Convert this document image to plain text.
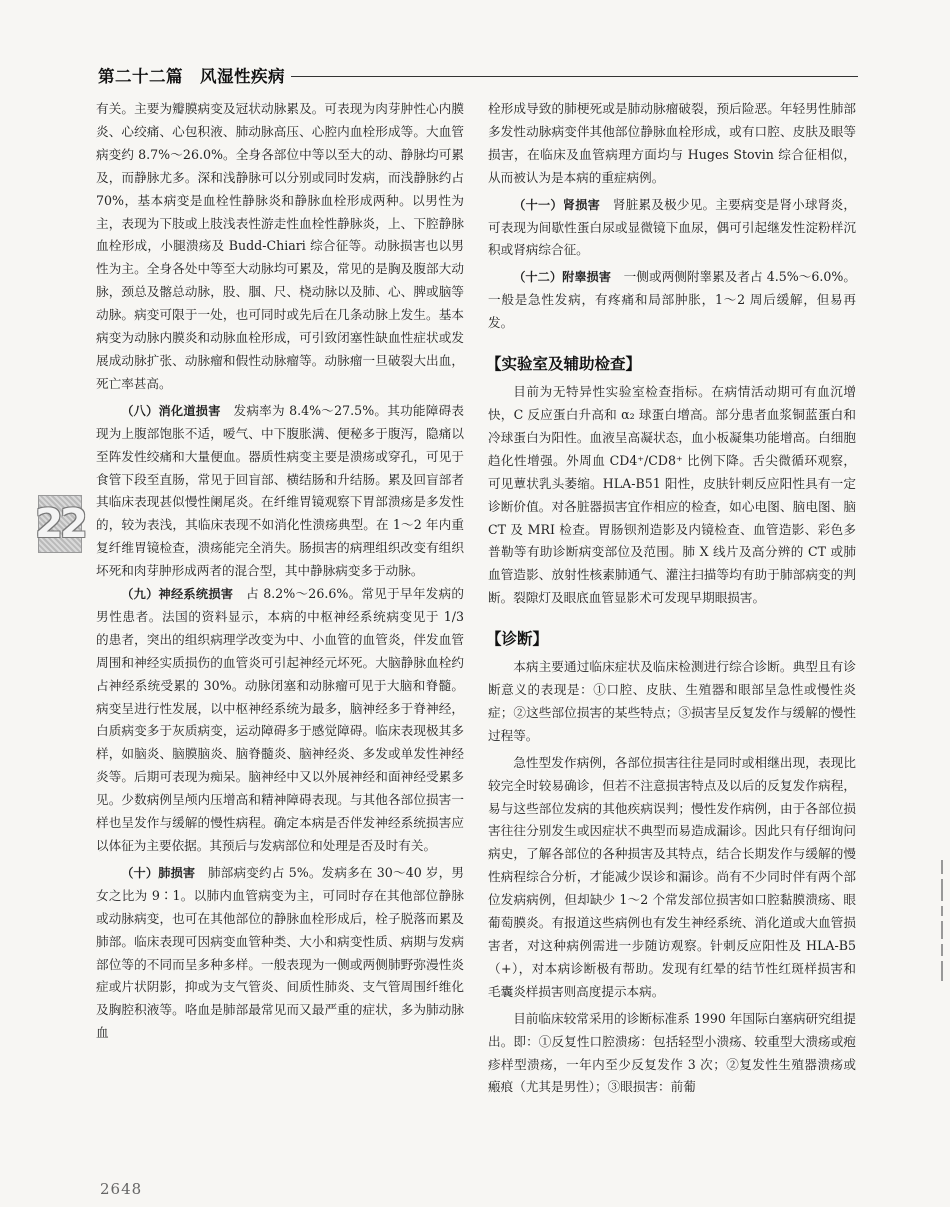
第二十二篇　风湿性疾病
22

有关。主要为瓣膜病变及冠状动脉累及。可表现为肉芽肿性心内膜炎、心绞痛、心包积液、肺动脉高压、心腔内血栓形成等。大血管病变约 8.7%～26.0%。全身各部位中等以至大的动、静脉均可累及，而静脉尤多。深和浅静脉可以分别或同时发病，而浅静脉约占 70%，基本病变是血栓性静脉炎和静脉血栓形成两种。以男性为主，表现为下肢或上肢浅表性游走性血栓性静脉炎，上、下腔静脉血栓形成，小腿溃疡及 Budd-Chiari 综合征等。动脉损害也以男性为主。全身各处中等至大动脉均可累及，常见的是胸及腹部大动脉，颈总及髂总动脉，股、腘、尺、桡动脉以及肺、心、脾或脑等动脉。病变可限于一处，也可同时或先后在几条动脉上发生。基本病变为动脉内膜炎和动脉血栓形成，可引致闭塞性缺血性症状或发展成动脉扩张、动脉瘤和假性动脉瘤等。动脉瘤一旦破裂大出血，死亡率甚高。

（八）消化道损害　 发病率为 8.4%～27.5%。其功能障碍表现为上腹部饱胀不适，嗳气、中下腹胀满、便秘多于腹泻，隐痛以至阵发性绞痛和大量便血。器质性病变主要是溃疡或穿孔，可见于食管下段至直肠，常见于回盲部、横结肠和升结肠。累及回盲部者其临床表现甚似慢性阑尾炎。在纤维胃镜观察下胃部溃疡是多发性的，较为表浅，其临床表现不如消化性溃疡典型。在 1～2 年内重复纤维胃镜检查，溃疡能完全消失。肠损害的病理组织改变有组织坏死和肉芽肿形成两者的混合型，其中静脉病变多于动脉。

（九）神经系统损害　 占 8.2%～26.6%。常见于早年发病的男性患者。法国的资料显示，本病的中枢神经系统病变见于 1/3 的患者，突出的组织病理学改变为中、小血管的血管炎，伴发血管周围和神经实质损伤的血管炎可引起神经元坏死。大脑静脉血栓约占神经系统受累的 30%。动脉闭塞和动脉瘤可见于大脑和脊髓。病变呈进行性发展，以中枢神经系统为最多，脑神经多于脊神经，白质病变多于灰质病变，运动障碍多于感觉障碍。临床表现极其多样，如脑炎、脑膜脑炎、脑脊髓炎、脑神经炎、多发或单发性神经炎等。后期可表现为痴呆。脑神经中又以外展神经和面神经受累多见。少数病例呈颅内压增高和精神障碍表现。与其他各部位损害一样也呈发作与缓解的慢性病程。确定本病是否伴发神经系统损害应以体征为主要依据。其预后与发病部位和处理是否及时有关。

（十）肺损害　 肺部病变约占 5%。发病多在 30～40 岁，男女之比为 9∶1。以肺内血管病变为主，可同时存在其他部位静脉或动脉病变，也可在其他部位的静脉血栓形成后，栓子脱落而累及肺部。临床表现可因病变血管种类、大小和病变性质、病期与发病部位等的不同而呈多种多样。一般表现为一侧或两侧肺野弥漫性炎症或片状阴影，抑或为支气管炎、间质性肺炎、支气管周围纤维化及胸腔积液等。咯血是肺部最常见而又最严重的症状，多为肺动脉血

栓形成导致的肺梗死或是肺动脉瘤破裂，预后险恶。年轻男性肺部多发性动脉病变伴其他部位静脉血栓形成，或有口腔、皮肤及眼等损害，在临床及血管病理方面均与 Huges Stovin 综合征相似，从而被认为是本病的重症病例。

（十一）肾损害　 肾脏累及极少见。主要病变是肾小球肾炎，可表现为间歇性蛋白尿或显微镜下血尿，偶可引起继发性淀粉样沉积或肾病综合征。

（十二）附睾损害　 一侧或两侧附睾累及者占 4.5%～6.0%。一般是急性发病，有疼痛和局部肿胀，1～2 周后缓解，但易再发。

【实验室及辅助检查】

目前为无特异性实验室检查指标。在病情活动期可有血沉增快，C 反应蛋白升高和 α₂ 球蛋白增高。部分患者血浆铜蓝蛋白和冷球蛋白为阳性。血液呈高凝状态，血小板凝集功能增高。白细胞趋化性增强。外周血 CD4⁺/CD8⁺ 比例下降。舌尖微循环观察，可见蕈状乳头萎缩。HLA-B51 阳性，皮肤针刺反应阳性具有一定诊断价值。对各脏器损害宜作相应的检查，如心电图、脑电图、脑 CT 及 MRI 检查。胃肠钡剂造影及内镜检查、血管造影、彩色多普勒等有助诊断病变部位及范围。肺 X 线片及高分辨的 CT 或肺血管造影、放射性核素肺通气、灌注扫描等均有助于肺部病变的判断。裂隙灯及眼底血管显影术可发现早期眼损害。

【诊断】

本病主要通过临床症状及临床检测进行综合诊断。典型且有诊断意义的表现是：①口腔、皮肤、生殖器和眼部呈急性或慢性炎症；②这些部位损害的某些特点；③损害呈反复发作与缓解的慢性过程等。

急性型发作病例，各部位损害往往是同时或相继出现，表现比较完全时较易确诊，但若不注意损害特点及以后的反复发作病程，易与这些部位发病的其他疾病误判；慢性发作病例，由于各部位损害往往分别发生或因症状不典型而易造成漏诊。因此只有仔细询问病史，了解各部位的各种损害及其特点，结合长期发作与缓解的慢性病程综合分析，才能减少误诊和漏诊。尚有不少同时伴有两个部位发病病例，但却缺少 1～2 个常发部位损害如口腔黏膜溃疡、眼葡萄膜炎。有报道这些病例也有发生神经系统、消化道或大血管损害者，对这种病例需进一步随访观察。针刺反应阳性及 HLA-B5（+），对本病诊断极有帮助。发现有红晕的结节性红斑样损害和毛囊炎样损害则高度提示本病。

目前临床较常采用的诊断标准系 1990 年国际白塞病研究组提出。即：①反复性口腔溃疡：包括轻型小溃疡、较重型大溃疡或疱疹样型溃疡，一年内至少反复发作 3 次；②复发性生殖器溃疡或瘢痕（尤其是男性）；③眼损害：前葡

2648
